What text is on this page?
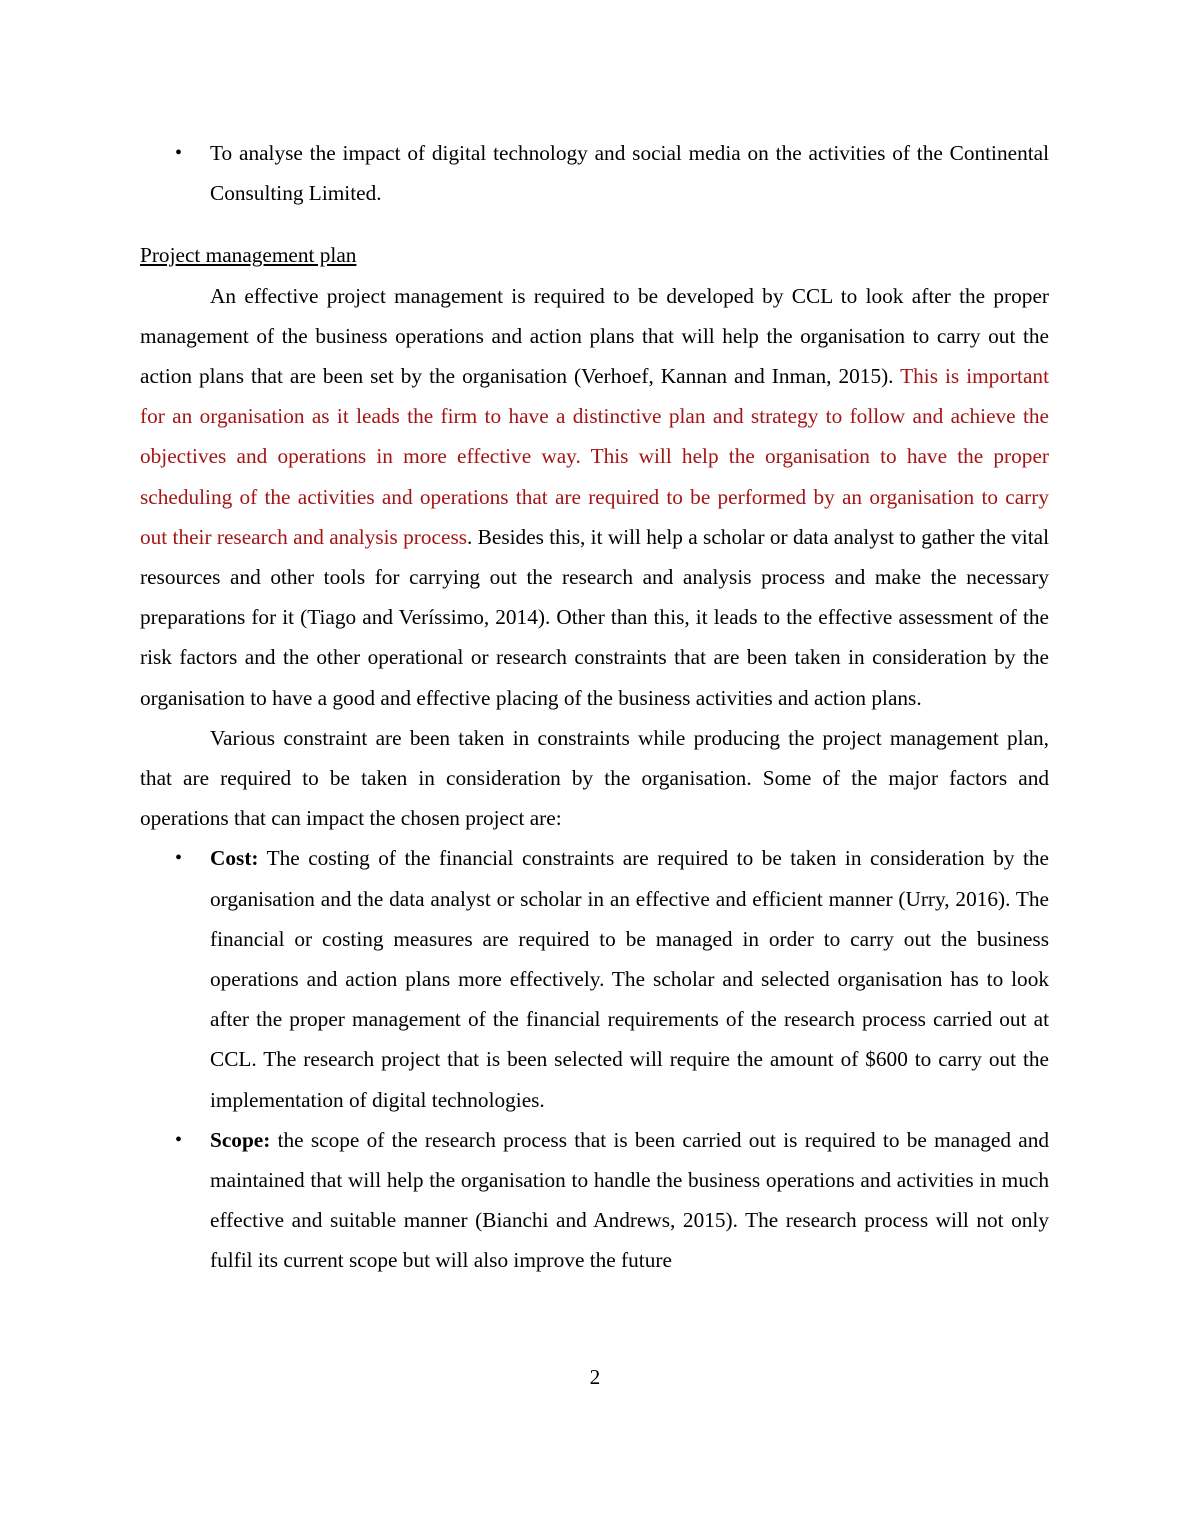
• To analyse the impact of digital technology and social media on the activities of the Continental Consulting Limited.
Project management plan

An effective project management is required to be developed by CCL to look after the proper management of the business operations and action plans that will help the organisation to carry out the action plans that are been set by the organisation (Verhoef, Kannan and Inman, 2015). This is important for an organisation as it leads the firm to have a distinctive plan and strategy to follow and achieve the objectives and operations in more effective way. This will help the organisation to have the proper scheduling of the activities and operations that are required to be performed by an organisation to carry out their research and analysis process. Besides this, it will help a scholar or data analyst to gather the vital resources and other tools for carrying out the research and analysis process and make the necessary preparations for it (Tiago and Veríssimo, 2014). Other than this, it leads to the effective assessment of the risk factors and the other operational or research constraints that are been taken in consideration by the organisation to have a good and effective placing of the business activities and action plans.

Various constraint are been taken in constraints while producing the project management plan, that are required to be taken in consideration by the organisation. Some of the major factors and operations that can impact the chosen project are:

• Cost: The costing of the financial constraints are required to be taken in consideration by the organisation and the data analyst or scholar in an effective and efficient manner (Urry, 2016). The financial or costing measures are required to be managed in order to carry out the business operations and action plans more effectively. The scholar and selected organisation has to look after the proper management of the financial requirements of the research process carried out at CCL. The research project that is been selected will require the amount of $600 to carry out the implementation of digital technologies.
• Scope: the scope of the research process that is been carried out is required to be managed and maintained that will help the organisation to handle the business operations and activities in much effective and suitable manner (Bianchi and Andrews, 2015). The research process will not only fulfil its current scope but will also improve the future
2
